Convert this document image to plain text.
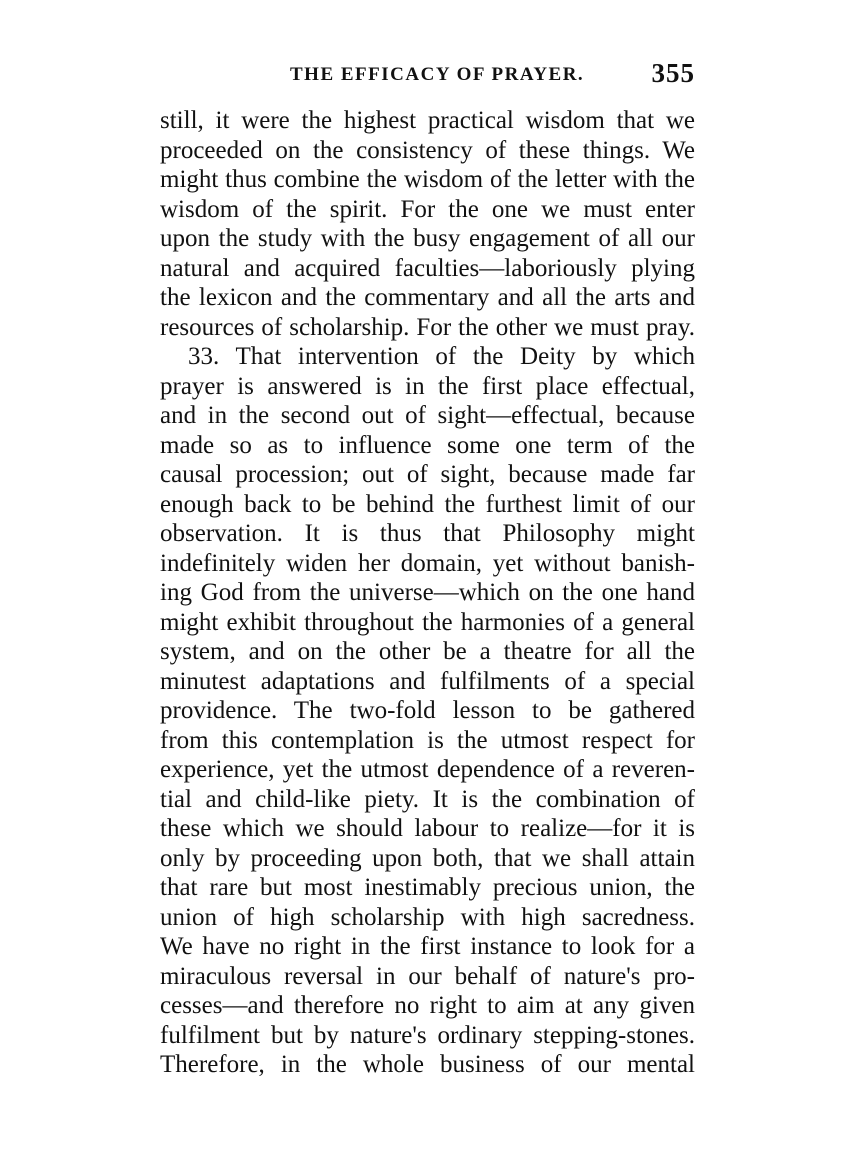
THE EFFICACY OF PRAYER. 355
still, it were the highest practical wisdom that we
proceeded on the consistency of these things. We
might thus combine the wisdom of the letter with the
wisdom of the spirit. For the one we must enter
upon the study with the busy engagement of all our
natural and acquired faculties—laboriously plying
the lexicon and the commentary and all the arts and
resources of scholarship. For the other we must pray.
33. That intervention of the Deity by which
prayer is answered is in the first place effectual,
and in the second out of sight—effectual, because
made so as to influence some one term of the
causal procession; out of sight, because made far
enough back to be behind the furthest limit of our
observation. It is thus that Philosophy might
indefinitely widen her domain, yet without banish-
ing God from the universe—which on the one hand
might exhibit throughout the harmonies of a general
system, and on the other be a theatre for all the
minutest adaptations and fulfilments of a special
providence. The two-fold lesson to be gathered
from this contemplation is the utmost respect for
experience, yet the utmost dependence of a reveren-
tial and child-like piety. It is the combination of
these which we should labour to realize—for it is
only by proceeding upon both, that we shall attain
that rare but most inestimably precious union, the
union of high scholarship with high sacredness.
We have no right in the first instance to look for a
miraculous reversal in our behalf of nature's pro-
cesses—and therefore no right to aim at any given
fulfilment but by nature's ordinary stepping-stones.
Therefore, in the whole business of our mental
